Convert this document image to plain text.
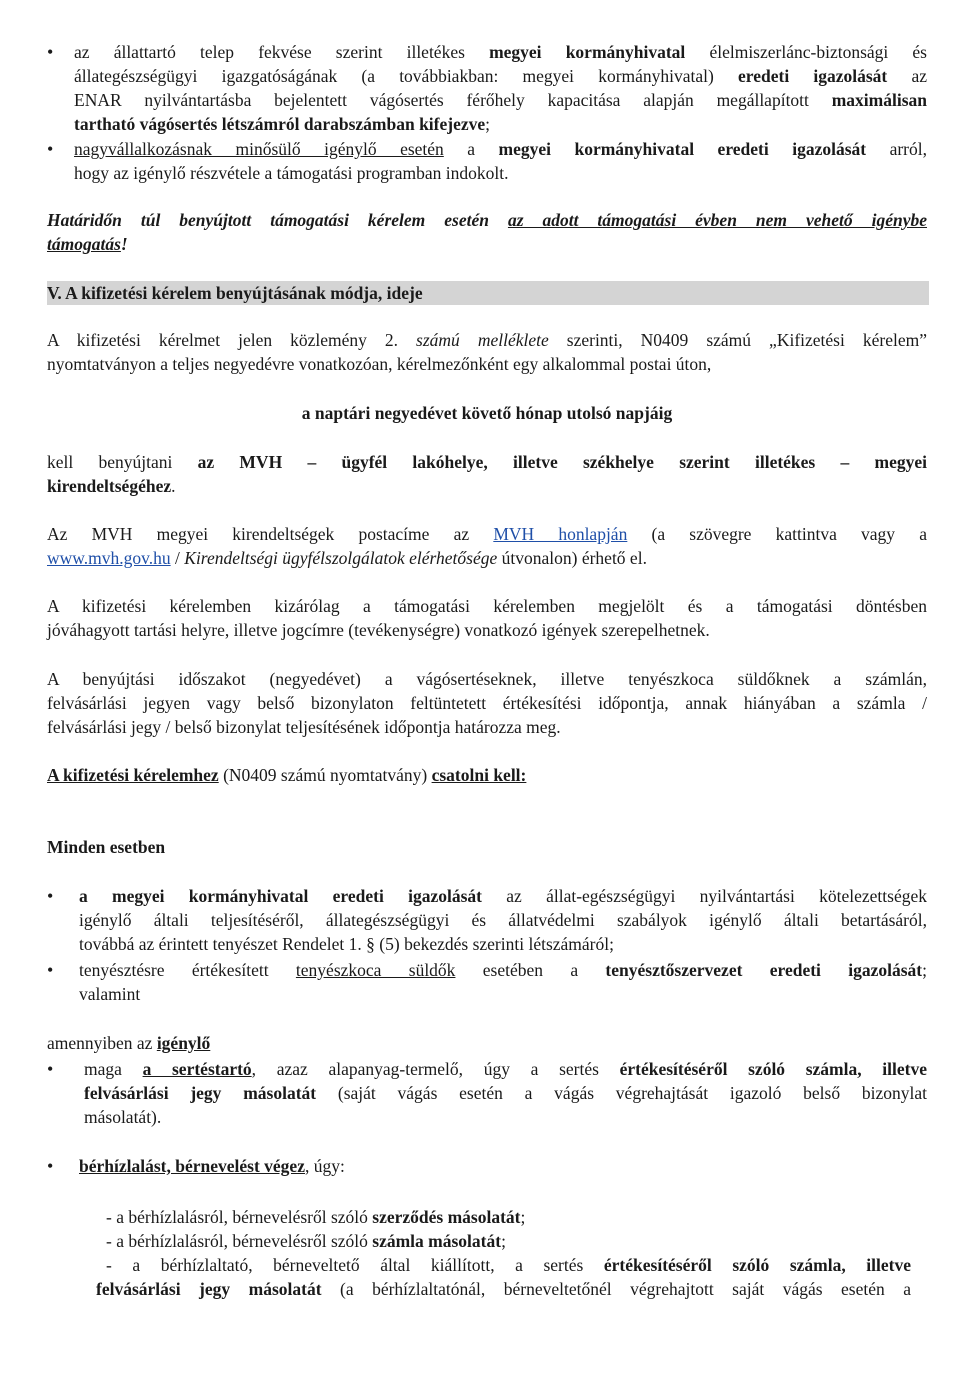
•
az állattartó telep fekvése szerint illetékes megyei kormányhivatal élelmiszerlánc-biztonsági és
állategészségügyi igazgatóságának (a továbbiakban: megyei kormányhivatal) eredeti igazolását az
ENAR nyilvántartásba bejelentett vágósertés férőhely kapacitása alapján megállapított maximálisan
tartható vágósertés létszámról darabszámban kifejezve;
•
nagyvállalkozásnak minősülő igénylő esetén a megyei kormányhivatal eredeti igazolását arról,
hogy az igénylő részvétele a támogatási programban indokolt.
Határidőn túl benyújtott támogatási kérelem esetén az adott támogatási évben nem vehető igénybe
támogatás!
V. A kifizetési kérelem benyújtásának módja, ideje
A kifizetési kérelmet jelen közlemény 2. számú melléklete szerinti, N0409 számú „Kifizetési kérelem”
nyomtatványon a teljes negyedévre vonatkozóan, kérelmezőnként egy alkalommal postai úton,
a naptári negyedévet követő hónap utolsó napjáig
kell benyújtani az MVH – ügyfél lakóhelye, illetve székhelye szerint illetékes – megyei
kirendeltségéhez.
Az MVH megyei kirendeltségek postacíme az MVH honlapján (a szövegre kattintva vagy a
www.mvh.gov.hu / Kirendeltségi ügyfélszolgálatok elérhetősége útvonalon) érhető el.
A kifizetési kérelemben kizárólag a támogatási kérelemben megjelölt és a támogatási döntésben
jóváhagyott tartási helyre, illetve jogcímre (tevékenységre) vonatkozó igények szerepelhetnek.
A benyújtási időszakot (negyedévet) a vágósertéseknek, illetve tenyészkoca süldőknek a számlán,
felvásárlási jegyen vagy belső bizonylaton feltüntetett értékesítési időpontja, annak hiányában a számla /
felvásárlási jegy / belső bizonylat teljesítésének időpontja határozza meg.
A kifizetési kérelemhez (N0409 számú nyomtatvány) csatolni kell:
Minden esetben
•
a megyei kormányhivatal eredeti igazolását az állat-egészségügyi nyilvántartási kötelezettségek
igénylő általi teljesítéséről, állategészségügyi és állatvédelmi szabályok igénylő általi betartásáról,
továbbá az érintett tenyészet Rendelet 1. § (5) bekezdés szerinti létszámáról;
•
tenyésztésre értékesített tenyészkoca süldők esetében a tenyésztőszervezet eredeti igazolását;
valamint
amennyiben az igénylő
•
maga a sertéstartó, azaz alapanyag-termelő, úgy a sertés értékesítéséről szóló számla, illetve
felvásárlási jegy másolatát (saját vágás esetén a vágás végrehajtását igazoló belső bizonylat
másolatát).
•
bérhízlalást, bérnevelést végez, úgy:
- a bérhízlalásról, bérnevelésről szóló szerződés másolatát;
- a bérhízlalásról, bérnevelésről szóló számla másolatát;
- a bérhízlaltató, bérneveltető által kiállított, a sertés értékesítéséről szóló számla, illetve
felvásárlási jegy másolatát (a bérhízlaltatónál, bérneveltetőnél végrehajtott saját vágás esetén a
